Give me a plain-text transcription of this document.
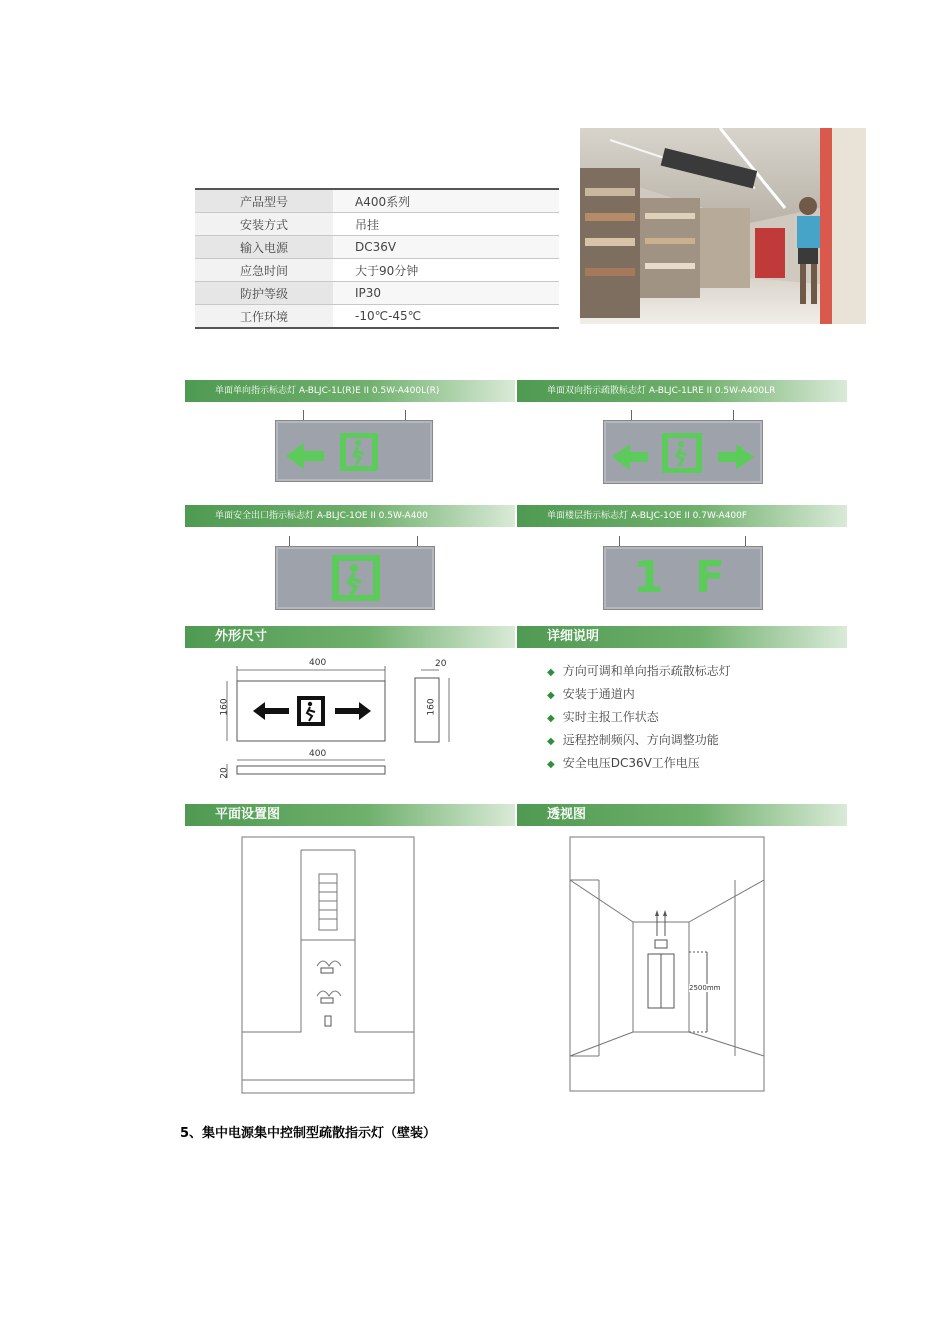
产品型号	A400系列
安装方式	吊挂
输入电源	DC36V
应急时间	大于90分钟
防护等级	IP30
工作环境	-10℃-45℃
单面单向指示标志灯 A-BLJC-1L(R)E II 0.5W-A400L(R)	单面双向指示疏散标志灯 A-BLJC-1LRE II 0.5W-A400LR
单面安全出口指示标志灯 A-BLJC-1OE II 0.5W-A400	单面楼层指示标志灯 A-BLJC-1OE II 0.7W-A400F
1 F
外形尺寸	详细说明
400
160
20
160
400
20
◆ 方向可调和单向指示疏散标志灯
◆ 安装于通道内
◆ 实时主报工作状态
◆ 远程控制频闪、方向调整功能
◆ 安全电压DC36V工作电压
平面设置图	透视图
2500mm
5、集中电源集中控制型疏散指示灯（壁装）
